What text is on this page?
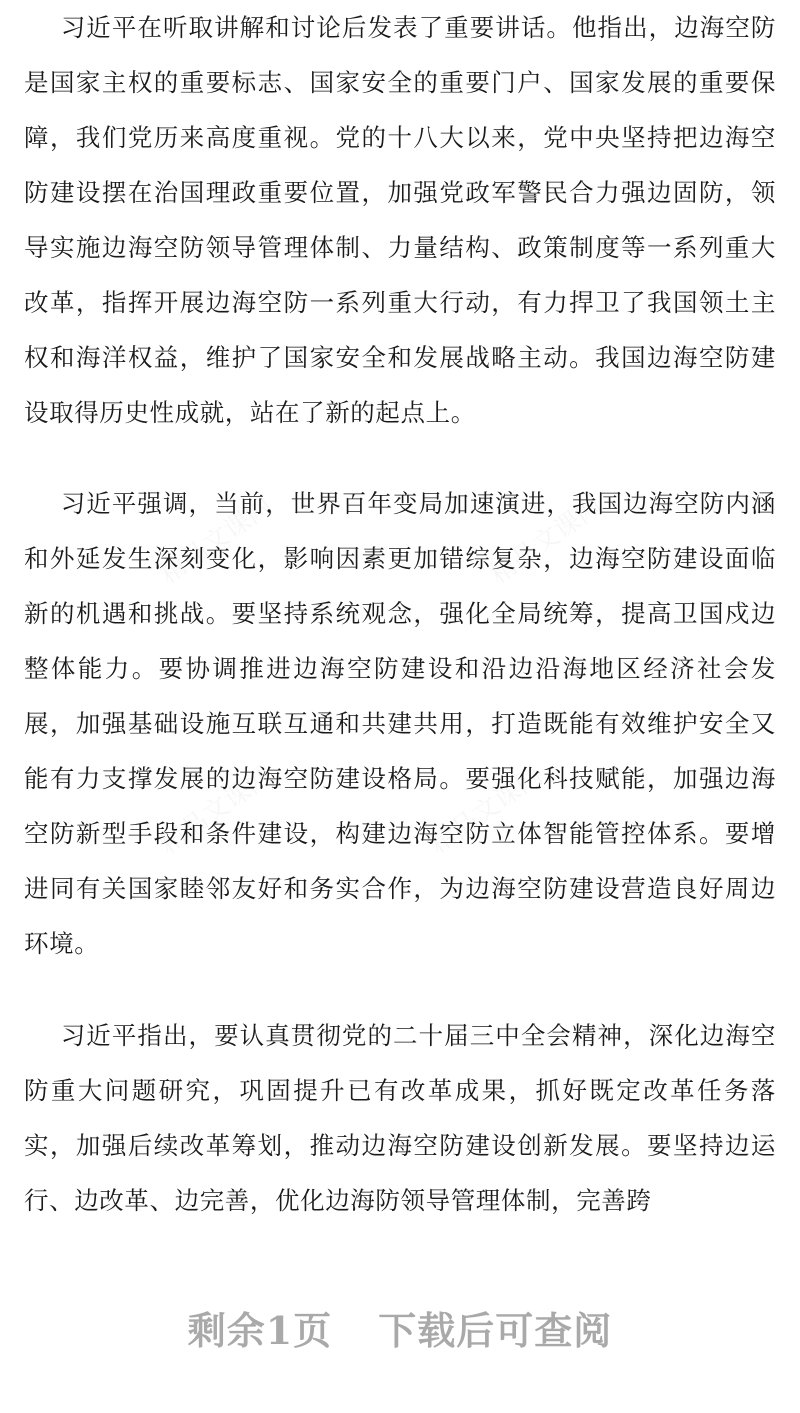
习近平在听取讲解和讨论后发表了重要讲话。他指出，边海空防是国家主权的重要标志、国家安全的重要门户、国家发展的重要保障，我们党历来高度重视。党的十八大以来，党中央坚持把边海空防建设摆在治国理政重要位置，加强党政军警民合力强边固防，领导实施边海空防领导管理体制、力量结构、政策制度等一系列重大改革，指挥开展边海空防一系列重大行动，有力捍卫了我国领土主权和海洋权益，维护了国家安全和发展战略主动。我国边海空防建设取得历史性成就，站在了新的起点上。

习近平强调，当前，世界百年变局加速演进，我国边海空防内涵和外延发生深刻变化，影响因素更加错综复杂，边海空防建设面临新的机遇和挑战。要坚持系统观念，强化全局统筹，提高卫国戍边整体能力。要协调推进边海空防建设和沿边沿海地区经济社会发展，加强基础设施互联互通和共建共用，打造既能有效维护安全又能有力支撑发展的边海空防建设格局。要强化科技赋能，加强边海空防新型手段和条件建设，构建边海空防立体智能管控体系。要增进同有关国家睦邻友好和务实合作，为边海空防建设营造良好周边环境。

习近平指出，要认真贯彻党的二十届三中全会精神，深化边海空防重大问题研究，巩固提升已有改革成果，抓好既定改革任务落实，加强后续改革筹划，推动边海空防建设创新发展。要坚持边运行、边改革、边完善，优化边海防领导管理体制，完善跨

剩余1页 下载后可查阅
